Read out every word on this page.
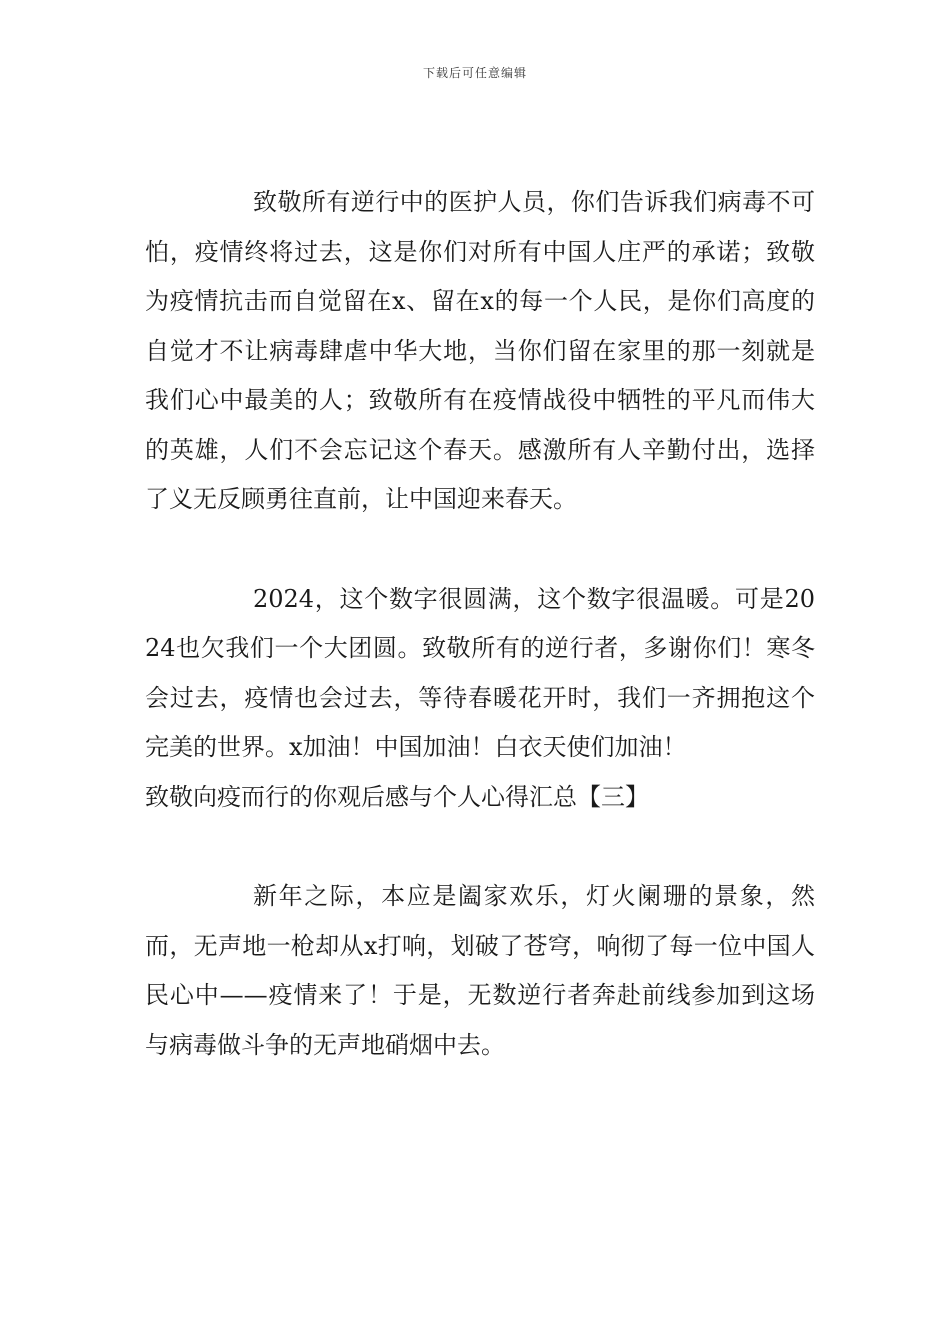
下载后可任意编辑

致敬所有逆行中的医护人员，你们告诉我们病毒不可怕，疫情终将过去，这是你们对所有中国人庄严的承诺；致敬为疫情抗击而自觉留在x、留在x的每一个人民，是你们高度的自觉才不让病毒肆虐中华大地，当你们留在家里的那一刻就是我们心中最美的人；致敬所有在疫情战役中牺牲的平凡而伟大的英雄，人们不会忘记这个春天。感激所有人辛勤付出，选择了义无反顾勇往直前，让中国迎来春天。

2024，这个数字很圆满，这个数字很温暖。可是2024也欠我们一个大团圆。致敬所有的逆行者，多谢你们！寒冬会过去，疫情也会过去，等待春暖花开时，我们一齐拥抱这个完美的世界。x加油！中国加油！白衣天使们加油！

致敬向疫而行的你观后感与个人心得汇总【三】

新年之际，本应是阖家欢乐，灯火阑珊的景象，然而，无声地一枪却从x打响，划破了苍穹，响彻了每一位中国人民心中——疫情来了！于是，无数逆行者奔赴前线参加到这场与病毒做斗争的无声地硝烟中去。
